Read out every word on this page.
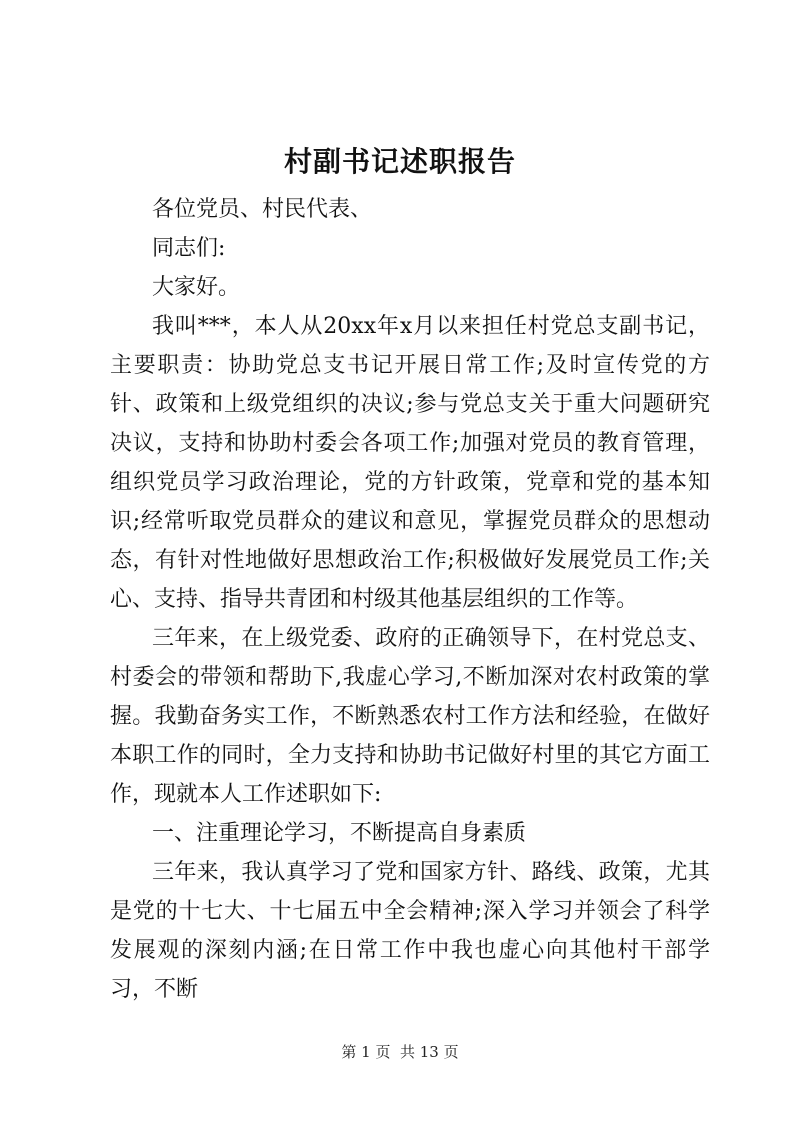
村副书记述职报告

各位党员、村民代表、

同志们:

大家好。

我叫***，本人从20xx年x月以来担任村党总支副书记，主要职责：协助党总支书记开展日常工作;及时宣传党的方针、政策和上级党组织的决议;参与党总支关于重大问题研究决议，支持和协助村委会各项工作;加强对党员的教育管理，组织党员学习政治理论，党的方针政策，党章和党的基本知识;经常听取党员群众的建议和意见，掌握党员群众的思想动态，有针对性地做好思想政治工作;积极做好发展党员工作;关心、支持、指导共青团和村级其他基层组织的工作等。

三年来，在上级党委、政府的正确领导下，在村党总支、村委会的带领和帮助下,我虚心学习,不断加深对农村政策的掌握。我勤奋务实工作，不断熟悉农村工作方法和经验，在做好本职工作的同时，全力支持和协助书记做好村里的其它方面工作，现就本人工作述职如下:

一、注重理论学习，不断提高自身素质

三年来，我认真学习了党和国家方针、路线、政策，尤其是党的十七大、十七届五中全会精神;深入学习并领会了科学发展观的深刻内涵;在日常工作中我也虚心向其他村干部学习，不断

第 1 页  共 13 页
